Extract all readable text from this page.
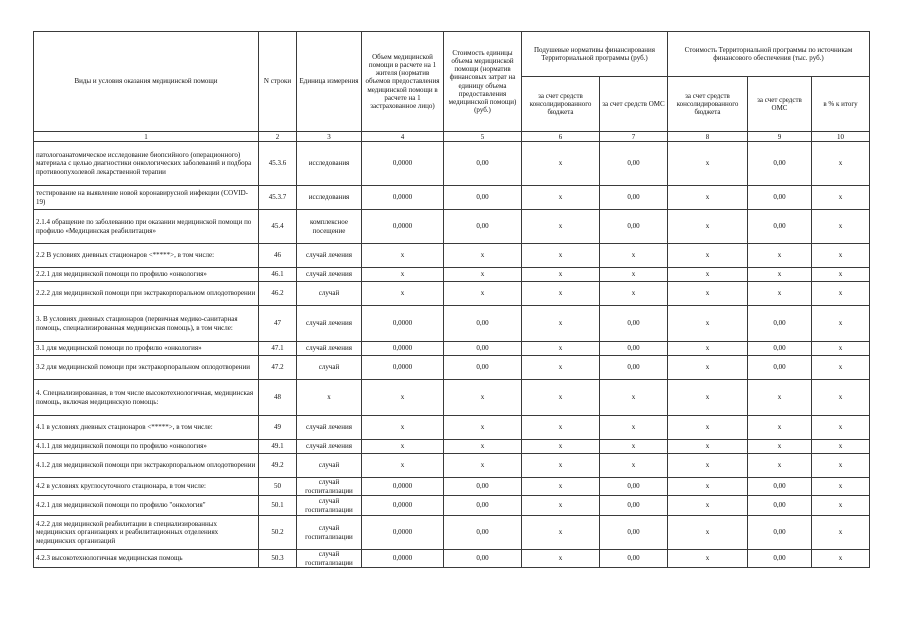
Виды и условия оказания медицинской помощи	N строки	Единица измерения	Объем медицинской помощи в расчете на 1 жителя (норматив объемов предоставления медицинской помощи в расчете на 1 застрахованное лицо)	Стоимость единицы объема медицинской помощи (норматив финансовых затрат на единицу объема предоставления медицинской помощи) (руб.)	Подушевые нормативы финансирования Территориальной программы (руб.)		Стоимость Территориальной программы по источникам финансового обеспечения (тыс. руб.)		
					за счет средств консолидированного бюджета	за счет средств ОМС	за счет средств консолидированного бюджета	за счет средств ОМС	в % к итогу
1	2	3	4	5	6	7	8	9	10
патологоанатомическое исследование биопсийного (операционного) материала с целью диагностики онкологических заболеваний и подбора противоопухолевой лекарственной терапии	45.3.6	исследования	0,0000	0,00	x	0,00	x	0,00	x
тестирование на выявление новой коронавирусной инфекции (COVID-19)	45.3.7	исследования	0,0000	0,00	x	0,00	x	0,00	x
2.1.4 обращение по заболеванию при оказании медицинской помощи по профилю «Медицинская реабилитация»	45.4	комплексное посещение	0,0000	0,00	x	0,00	x	0,00	x
2.2 В условиях дневных стационаров <*****>, в том числе:	46	случай лечения	x	x	x	x	x	x	x
2.2.1 для медицинской помощи по профилю «онкология»	46.1	случай лечения	x	x	x	x	x	x	x
2.2.2 для медицинской помощи при экстракорпоральном оплодотворении	46.2	случай	x	x	x	x	x	x	x
3. В условиях дневных стационаров (первичная медико-санитарная помощь, специализированная медицинская помощь), в том числе:	47	случай лечения	0,0000	0,00	x	0,00	x	0,00	x
3.1 для медицинской помощи по профилю «онкология»	47.1	случай лечения	0,0000	0,00	x	0,00	x	0,00	x
3.2 для медицинской помощи при экстракорпоральном оплодотворении	47.2	случай	0,0000	0,00	x	0,00	x	0,00	x
4. Специализированная, в том числе высокотехнологичная, медицинская помощь, включая медицинскую помощь:	48	x	x	x	x	x	x	x	x
4.1 в условиях дневных стационаров <*****>, в том числе:	49	случай лечения	x	x	x	x	x	x	x
4.1.1 для медицинской помощи по профилю «онкология»	49.1	случай лечения	x	x	x	x	x	x	x
4.1.2 для медицинской помощи при экстракорпоральном оплодотворении	49.2	случай	x	x	x	x	x	x	x
4.2 в условиях круглосуточного стационара, в том числе:	50	случай госпитализации	0,0000	0,00	x	0,00	x	0,00	x
4.2.1 для медицинской помощи по профилю "онкология"	50.1	случай госпитализации	0,0000	0,00	x	0,00	x	0,00	x
4.2.2 для медицинской реабилитации в специализированных медицинских организациях и реабилитационных отделениях медицинских организаций	50.2	случай госпитализации	0,0000	0,00	x	0,00	x	0,00	x
4.2.3 высокотехнологичная медицинская помощь	50.3	случай госпитализации	0,0000	0,00	x	0,00	x	0,00	x
